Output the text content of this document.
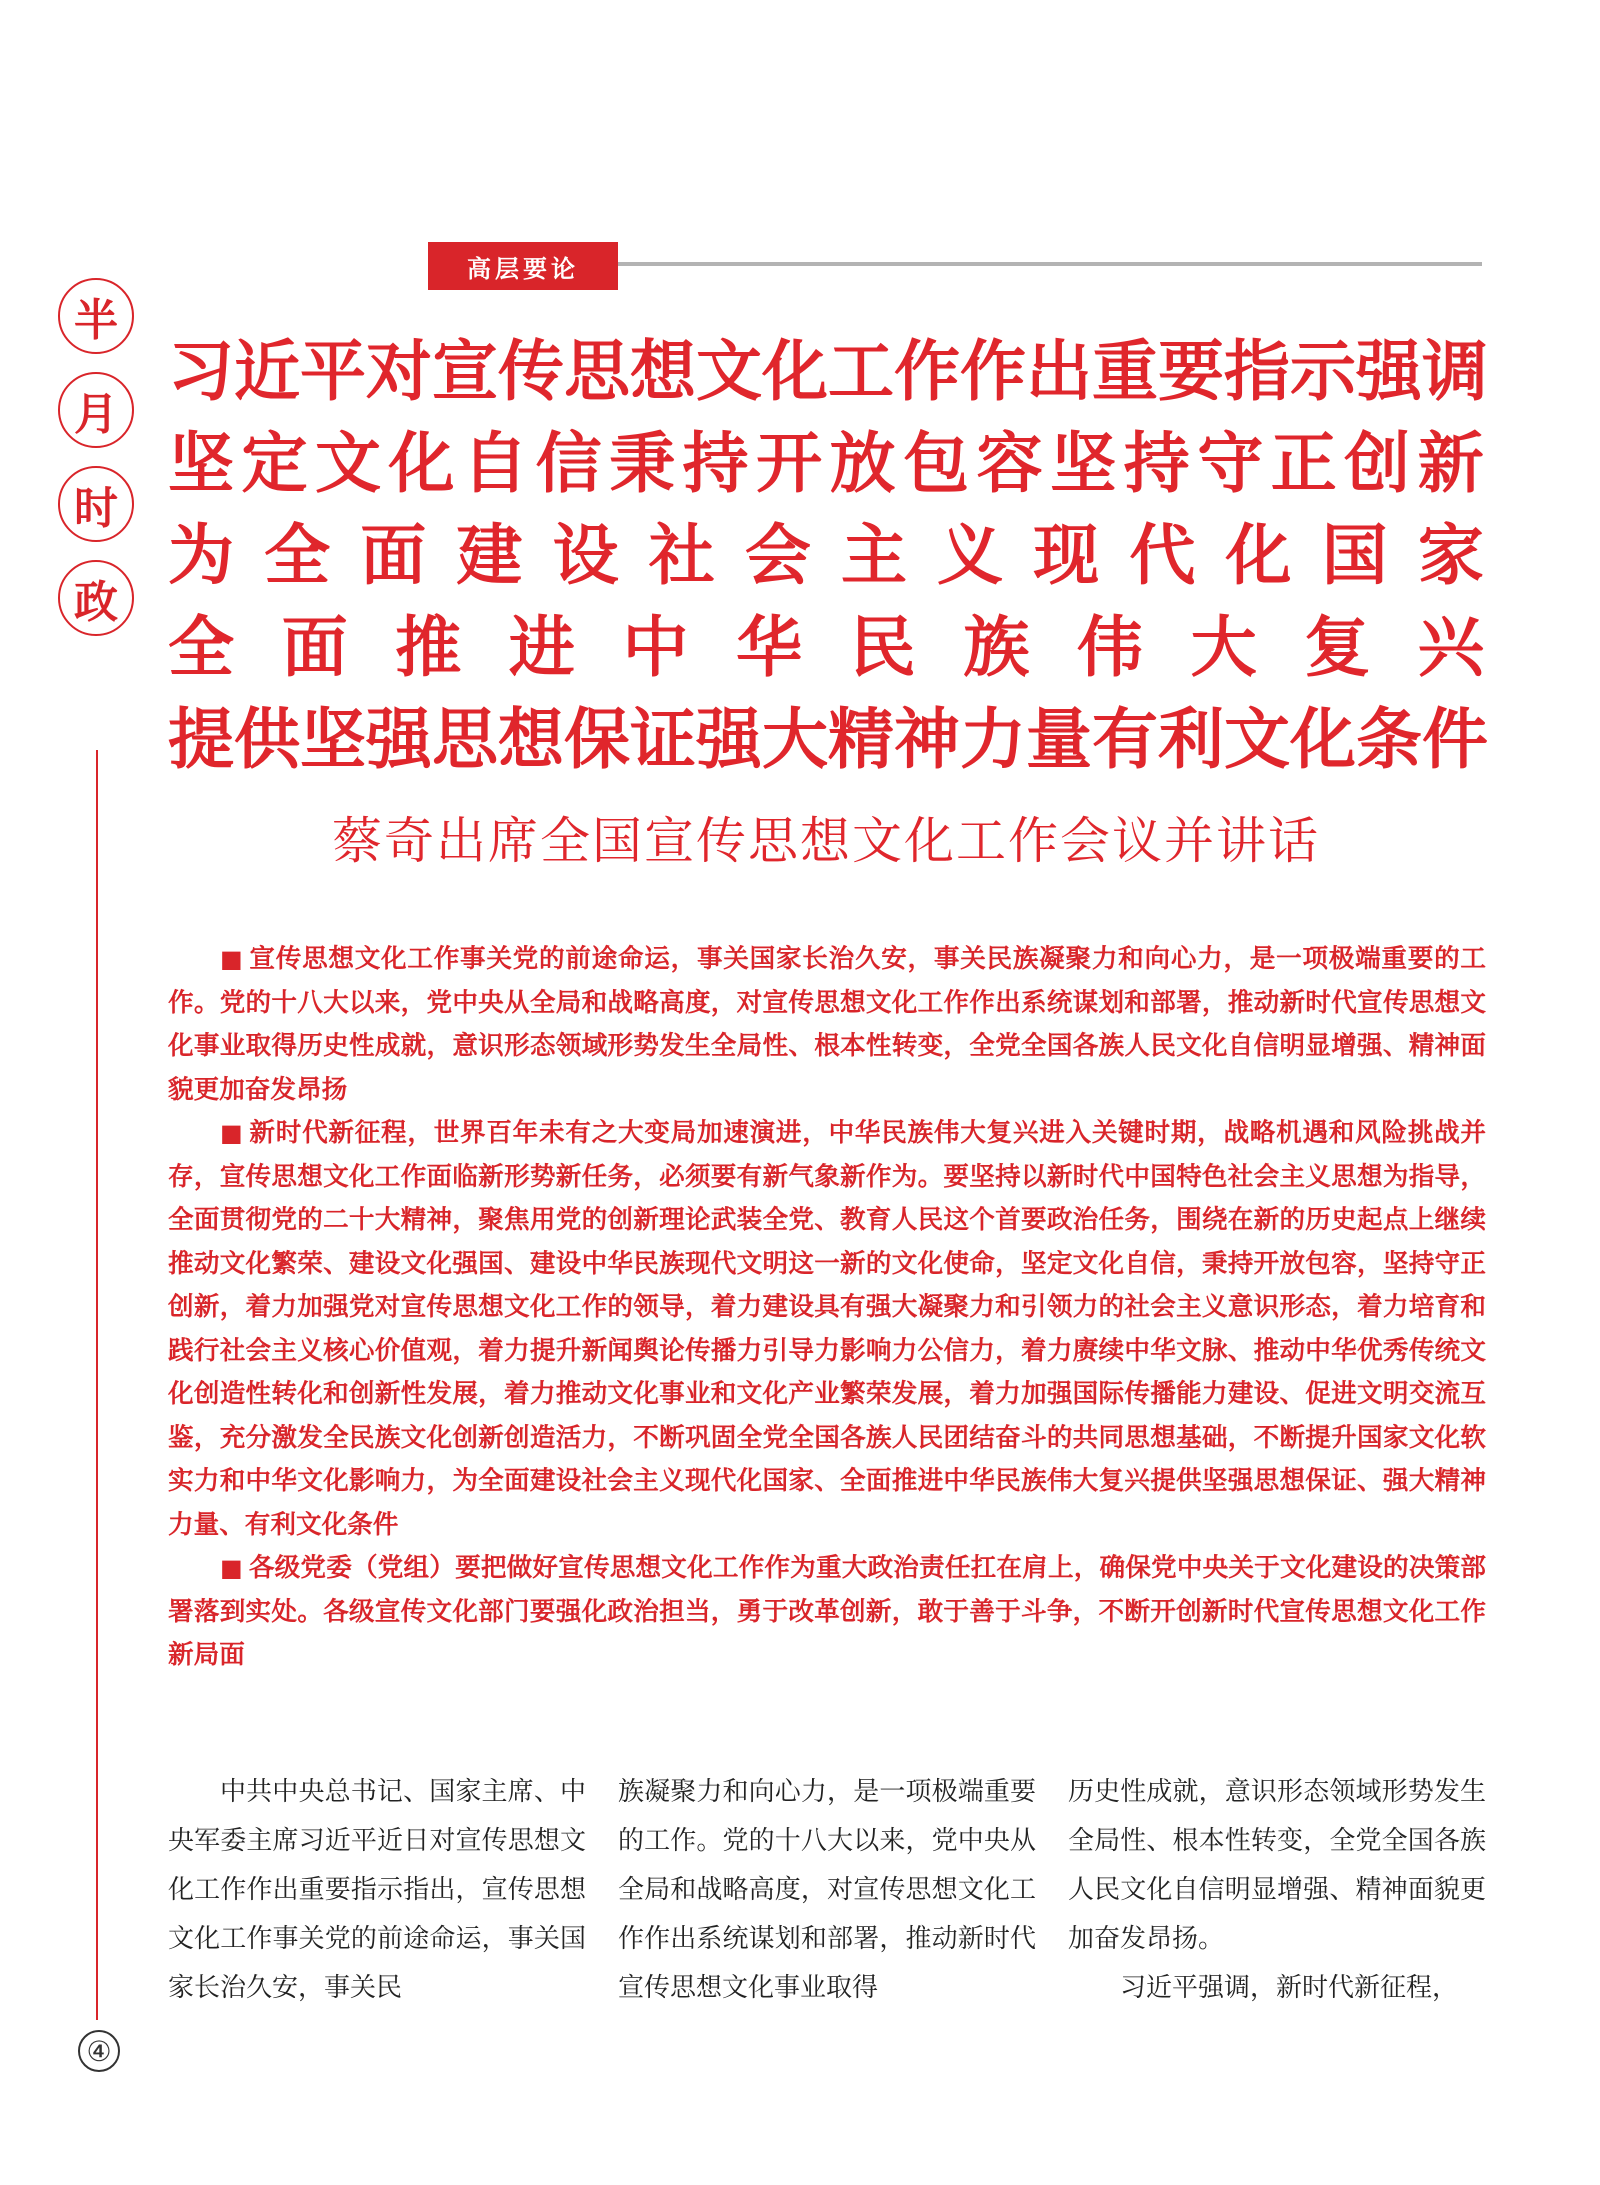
高层要论
半
月
时
政
④
习 近 平 对 宣 传 思 想 文 化 工 作 作 出 重 要 指 示 强 调
坚 定 文 化 自 信 秉 持 开 放 包 容 坚 持 守 正 创 新
为 全 面 建 设 社 会 主 义 现 代 化 国 家
全 面 推 进 中 华 民 族 伟 大 复 兴
提 供 坚 强 思 想 保 证 强 大 精 神 力 量 有 利 文 化 条 件
蔡奇出席全国宣传思想文化工作会议并讲话

■ 宣传思想文化工作事关党的前途命运，事关国家长治久安，事关民族凝聚力和向心力，是一项极端重要的工作。党的十八大以来，党中央从全局和战略高度，对宣传思想文化工作作出系统谋划和部署，推动新时代宣传思想文化事业取得历史性成就，意识形态领域形势发生全局性、根本性转变，全党全国各族人民文化自信明显增强、精神面貌更加奋发昂扬

■ 新时代新征程，世界百年未有之大变局加速演进，中华民族伟大复兴进入关键时期，战略机遇和风险挑战并存，宣传思想文化工作面临新形势新任务，必须要有新气象新作为。要坚持以新时代中国特色社会主义思想为指导，全面贯彻党的二十大精神，聚焦用党的创新理论武装全党、教育人民这个首要政治任务，围绕在新的历史起点上继续推动文化繁荣、建设文化强国、建设中华民族现代文明这一新的文化使命，坚定文化自信，秉持开放包容，坚持守正创新，着力加强党对宣传思想文化工作的领导，着力建设具有强大凝聚力和引领力的社会主义意识形态，着力培育和践行社会主义核心价值观，着力提升新闻舆论传播力引导力影响力公信力，着力赓续中华文脉、推动中华优秀传统文化创造性转化和创新性发展，着力推动文化事业和文化产业繁荣发展，着力加强国际传播能力建设、促进文明交流互鉴，充分激发全民族文化创新创造活力，不断巩固全党全国各族人民团结奋斗的共同思想基础，不断提升国家文化软实力和中华文化影响力，为全面建设社会主义现代化国家、全面推进中华民族伟大复兴提供坚强思想保证、强大精神力量、有利文化条件

■ 各级党委（党组）要把做好宣传思想文化工作作为重大政治责任扛在肩上，确保党中央关于文化建设的决策部署落到实处。各级宣传文化部门要强化政治担当，勇于改革创新，敢于善于斗争，不断开创新时代宣传思想文化工作新局面

中共中央总书记、国家主席、中央军委主席习近平近日对宣传思想文化工作作出重要指示指出，宣传思想文化工作事关党的前途命运，事关国家长治久安，事关民

族凝聚力和向心力，是一项极端重要的工作。党的十八大以来，党中央从全局和战略高度，对宣传思想文化工作作出系统谋划和部署，推动新时代宣传思想文化事业取得

历史性成就，意识形态领域形势发生全局性、根本性转变，全党全国各族人民文化自信明显增强、精神面貌更加奋发昂扬。

习近平强调，新时代新征程，
